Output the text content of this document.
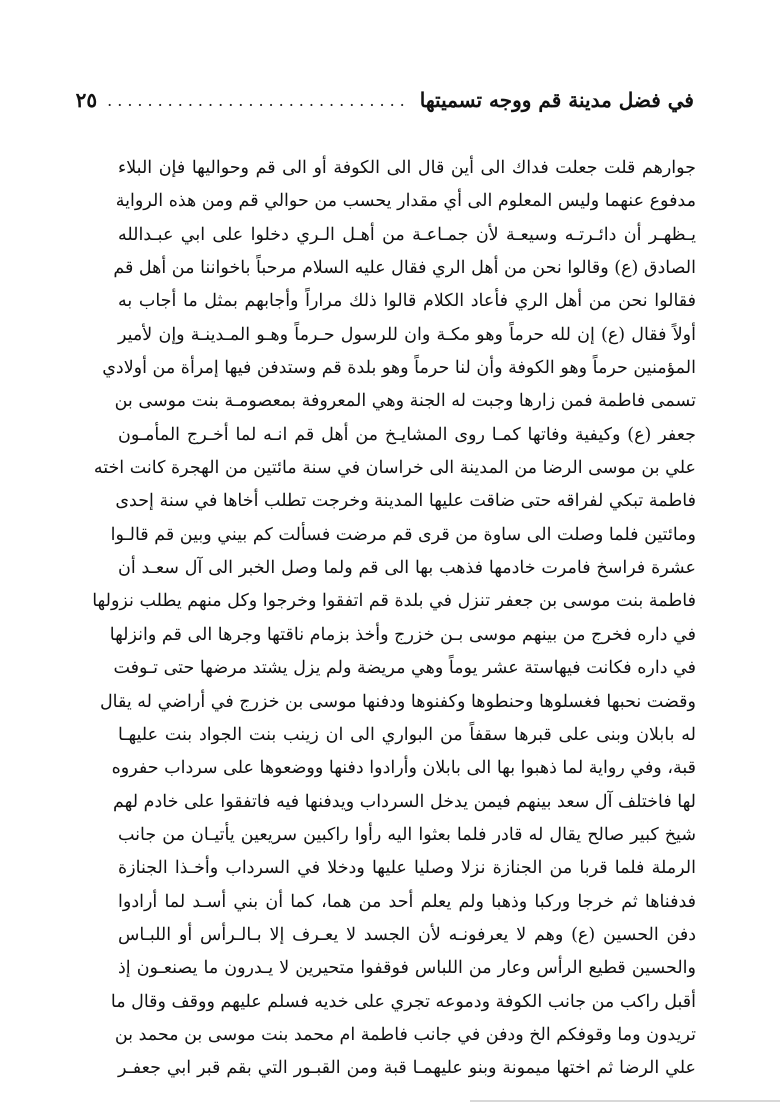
في فضل مدينة قم ووجه تسميتها
..............................
٢٥
جوارهم قلت جعلت فداك الى أين قال الى الكوفة أو الى قم وحواليها فإن البلاء
مدفوع عنهما وليس المعلوم الى أي مقدار يحسب من حوالي قم ومن هذه الرواية
يـظهـر أن دائـرتـه وسيعـة لأن جمـاعـة من أهـل الـري دخلوا على ابي عبـدالله
الصادق (ع) وقالوا نحن من أهل الري فقال عليه السلام مرحباً باخواننا من أهل قم
فقالوا نحن من أهل الري فأعاد الكلام قالوا ذلك مراراً وأجابهم بمثل ما أجاب به
أولاً فقال (ع) إن لله حرماً وهو مكـة وان للرسول حـرماً وهـو المـدينـة وإن لأمير
المؤمنين حرماً وهو الكوفة وأن لنا حرماً وهو بلدة قم وستدفن فيها إمرأة من أولادي
تسمى فاطمة فمن زارها وجبت له الجنة وهي المعروفة بمعصومـة بنت موسى بن
جعفر (ع) وكيفية وفاتها كمـا روى المشايـخ من أهل قم انـه لما أخـرج المأمـون
علي بن موسى الرضا من المدينة الى خراسان في سنة مائتين من الهجرة كانت اخته
فاطمة تبكي لفراقه حتى ضاقت عليها المدينة وخرجت تطلب أخاها في سنة إحدى
ومائتين فلما وصلت الى ساوة من قرى قم مرضت فسألت كم بيني وبين قم قالـوا
عشرة فراسخ فامرت خادمها فذهب بها الى قم ولما وصل الخبر الى آل سعـد أن
فاطمة بنت موسى بن جعفر تنزل في بلدة قم اتفقوا وخرجوا وكل منهم يطلب نزولها
في داره فخرج من بينهم موسى بـن خزرج وأخذ بزمام ناقتها وجرها الى قم وانزلها
في داره فكانت فيهاستة عشر يوماً وهي مريضة ولم يزل يشتد مرضها حتى تـوفت
وقضت نحبها فغسلوها وحنطوها وكفنوها ودفنها موسى بن خزرج في أراضي له يقال
له بابلان وبنى على قبرها سقفاً من البواري الى ان زينب بنت الجواد بنت عليهـا
قبة، وفي رواية لما ذهبوا بها الى بابلان وأرادوا دفنها ووضعوها على سرداب حفروه
لها فاختلف آل سعد بينهم فيمن يدخل السرداب ويدفنها فيه فاتفقوا على خادم لهم
شيخ كبير صالح يقال له قادر فلما بعثوا اليه رأوا راكبين سريعين يأتيـان من جانب
الرملة فلما قربا من الجنازة نزلا وصليا عليها ودخلا في السرداب وأخـذا الجنازة
فدفناها ثم خرجا وركبا وذهبا ولم يعلم أحد من هما، كما أن بني أسـد لما أرادوا
دفن الحسين (ع) وهم لا يعرفونـه لأن الجسد لا يعـرف إلا بـالـرأس أو اللبـاس
والحسين قطيع الرأس وعار من اللباس فوقفوا متحيرين لا يـدرون ما يصنعـون إذ
أقبل راكب من جانب الكوفة ودموعه تجري على خديه فسلم عليهم ووقف وقال ما
تريدون وما وقوفكم الخ ودفن في جانب فاطمة ام محمد بنت موسى بن محمد بن
علي الرضا ثم اختها ميمونة وبنو عليهمـا قبة ومن القبـور التي بقم قبر ابي جعفـر
